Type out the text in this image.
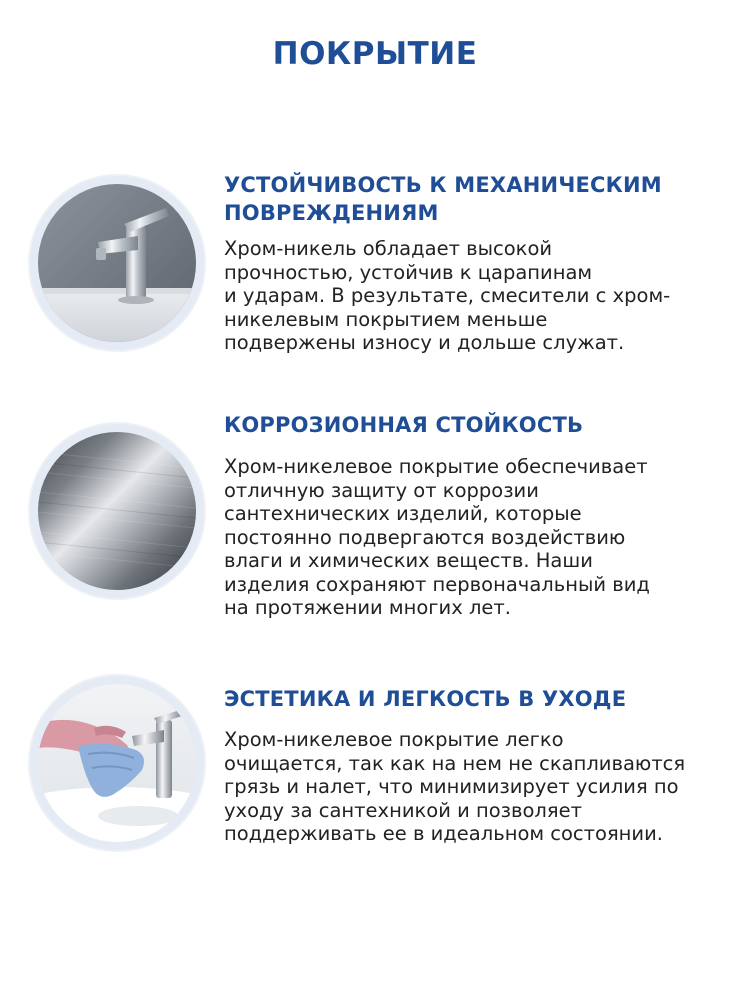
ПОКРЫТИЕ
УСТОЙЧИВОСТЬ К МЕХАНИЧЕСКИМ
ПОВРЕЖДЕНИЯМ
Хром-никель обладает высокой
прочностью, устойчив к царапинам
и ударам. В результате, смесители с хром-
никелевым покрытием меньше
подвержены износу и дольше служат.
КОРРОЗИОННАЯ СТОЙКОСТЬ
Хром-никелевое покрытие обеспечивает
отличную защиту от коррозии
сантехнических изделий, которые
постоянно подвергаются воздействию
влаги и химических веществ. Наши
изделия сохраняют первоначальный вид
на протяжении многих лет.
ЭСТЕТИКА И ЛЕГКОСТЬ В УХОДЕ
Хром-никелевое покрытие легко
очищается, так как на нем не скапливаются
грязь и налет, что минимизирует усилия по
уходу за сантехникой и позволяет
поддерживать ее в идеальном состоянии.
